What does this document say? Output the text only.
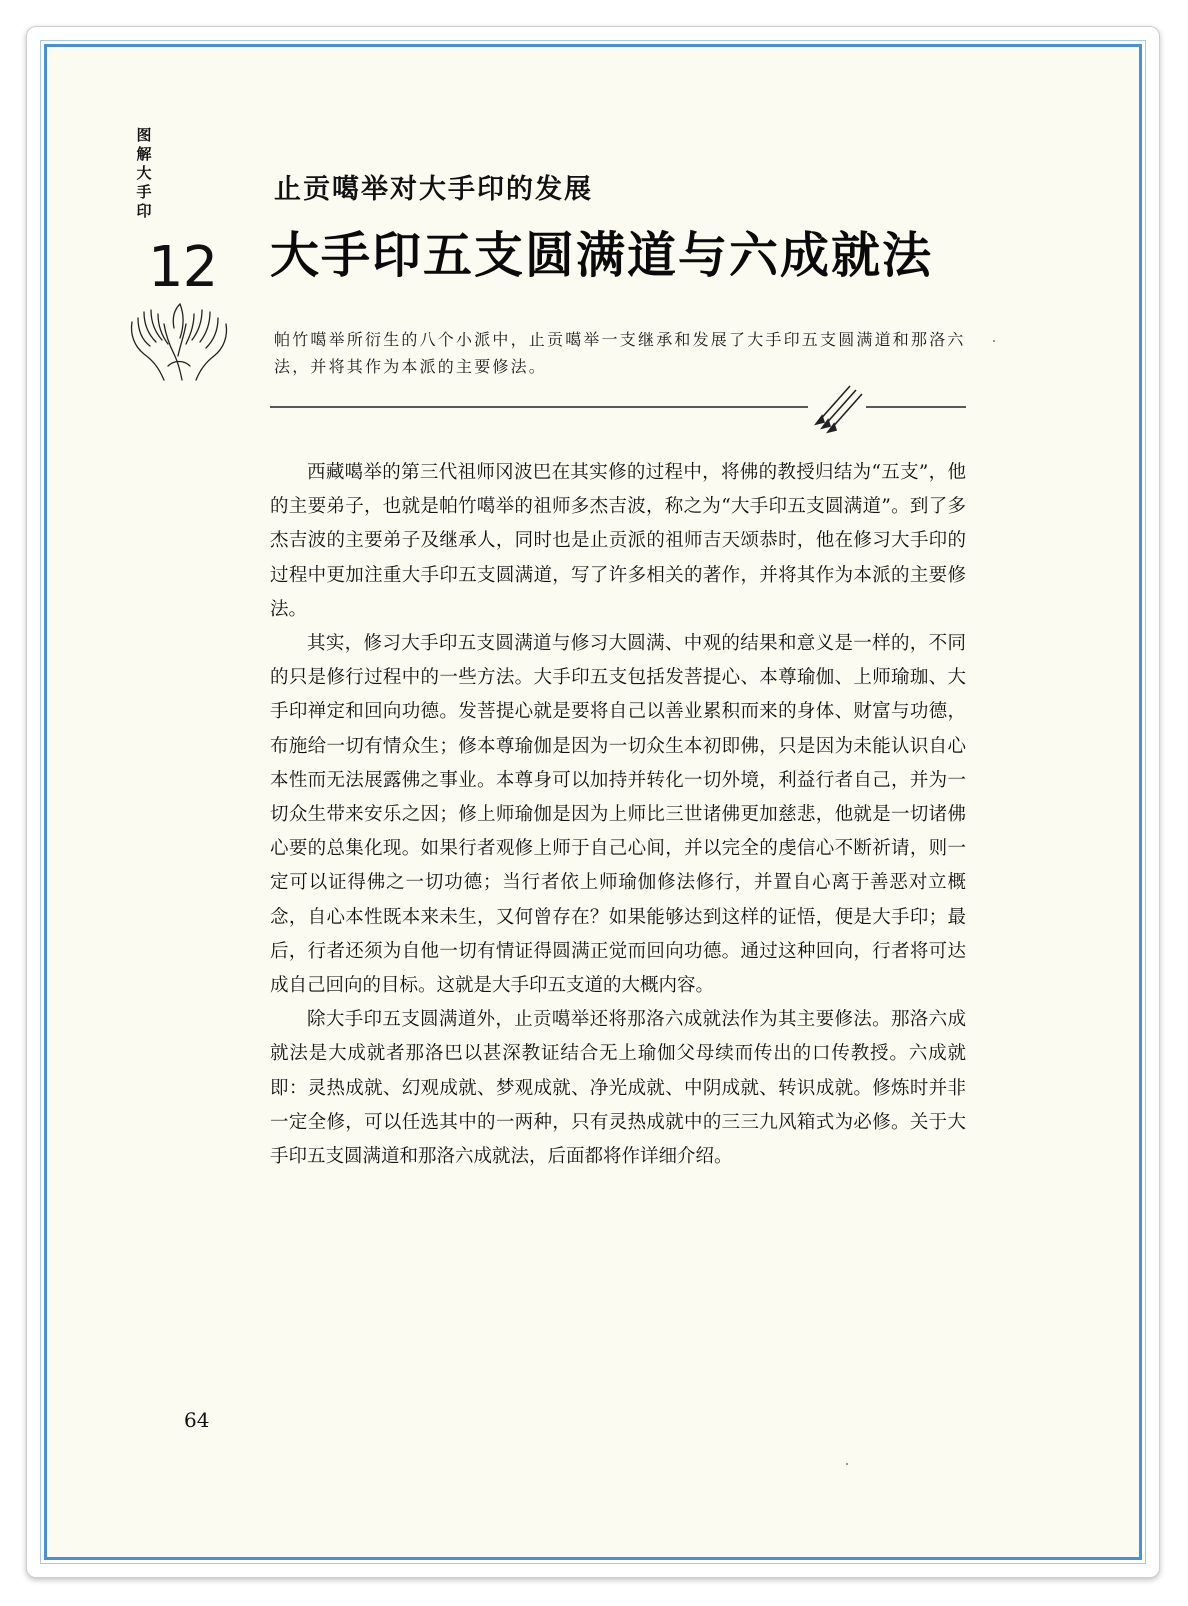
图解大手印
12
止贡噶举对大手印的发展
大手印五支圆满道与六成就法
帕竹噶举所衍生的八个小派中，止贡噶举一支继承和发展了大手印五支圆满道和那洛六法，并将其作为本派的主要修法。

西藏噶举的第三代祖师冈波巴在其实修的过程中，将佛的教授归结为“五支”，他的主要弟子，也就是帕竹噶举的祖师多杰吉波，称之为“大手印五支圆满道”。到了多杰吉波的主要弟子及继承人，同时也是止贡派的祖师吉天颂恭时，他在修习大手印的过程中更加注重大手印五支圆满道，写了许多相关的著作，并将其作为本派的主要修法。

其实，修习大手印五支圆满道与修习大圆满、中观的结果和意义是一样的，不同的只是修行过程中的一些方法。大手印五支包括发菩提心、本尊瑜伽、上师瑜珈、大手印禅定和回向功德。发菩提心就是要将自己以善业累积而来的身体、财富与功德，布施给一切有情众生；修本尊瑜伽是因为一切众生本初即佛，只是因为未能认识自心本性而无法展露佛之事业。本尊身可以加持并转化一切外境，利益行者自己，并为一切众生带来安乐之因；修上师瑜伽是因为上师比三世诸佛更加慈悲，他就是一切诸佛心要的总集化现。如果行者观修上师于自己心间，并以完全的虔信心不断祈请，则一定可以证得佛之一切功德；当行者依上师瑜伽修法修行，并置自心离于善恶对立概念，自心本性既本来未生，又何曾存在？如果能够达到这样的证悟，便是大手印；最后，行者还须为自他一切有情证得圆满正觉而回向功德。通过这种回向，行者将可达成自己回向的目标。这就是大手印五支道的大概内容。

除大手印五支圆满道外，止贡噶举还将那洛六成就法作为其主要修法。那洛六成就法是大成就者那洛巴以甚深教证结合无上瑜伽父母续而传出的口传教授。六成就即：灵热成就、幻观成就、梦观成就、净光成就、中阴成就、转识成就。修炼时并非一定全修，可以任选其中的一两种，只有灵热成就中的三三九风箱式为必修。关于大手印五支圆满道和那洛六成就法，后面都将作详细介绍。

64
